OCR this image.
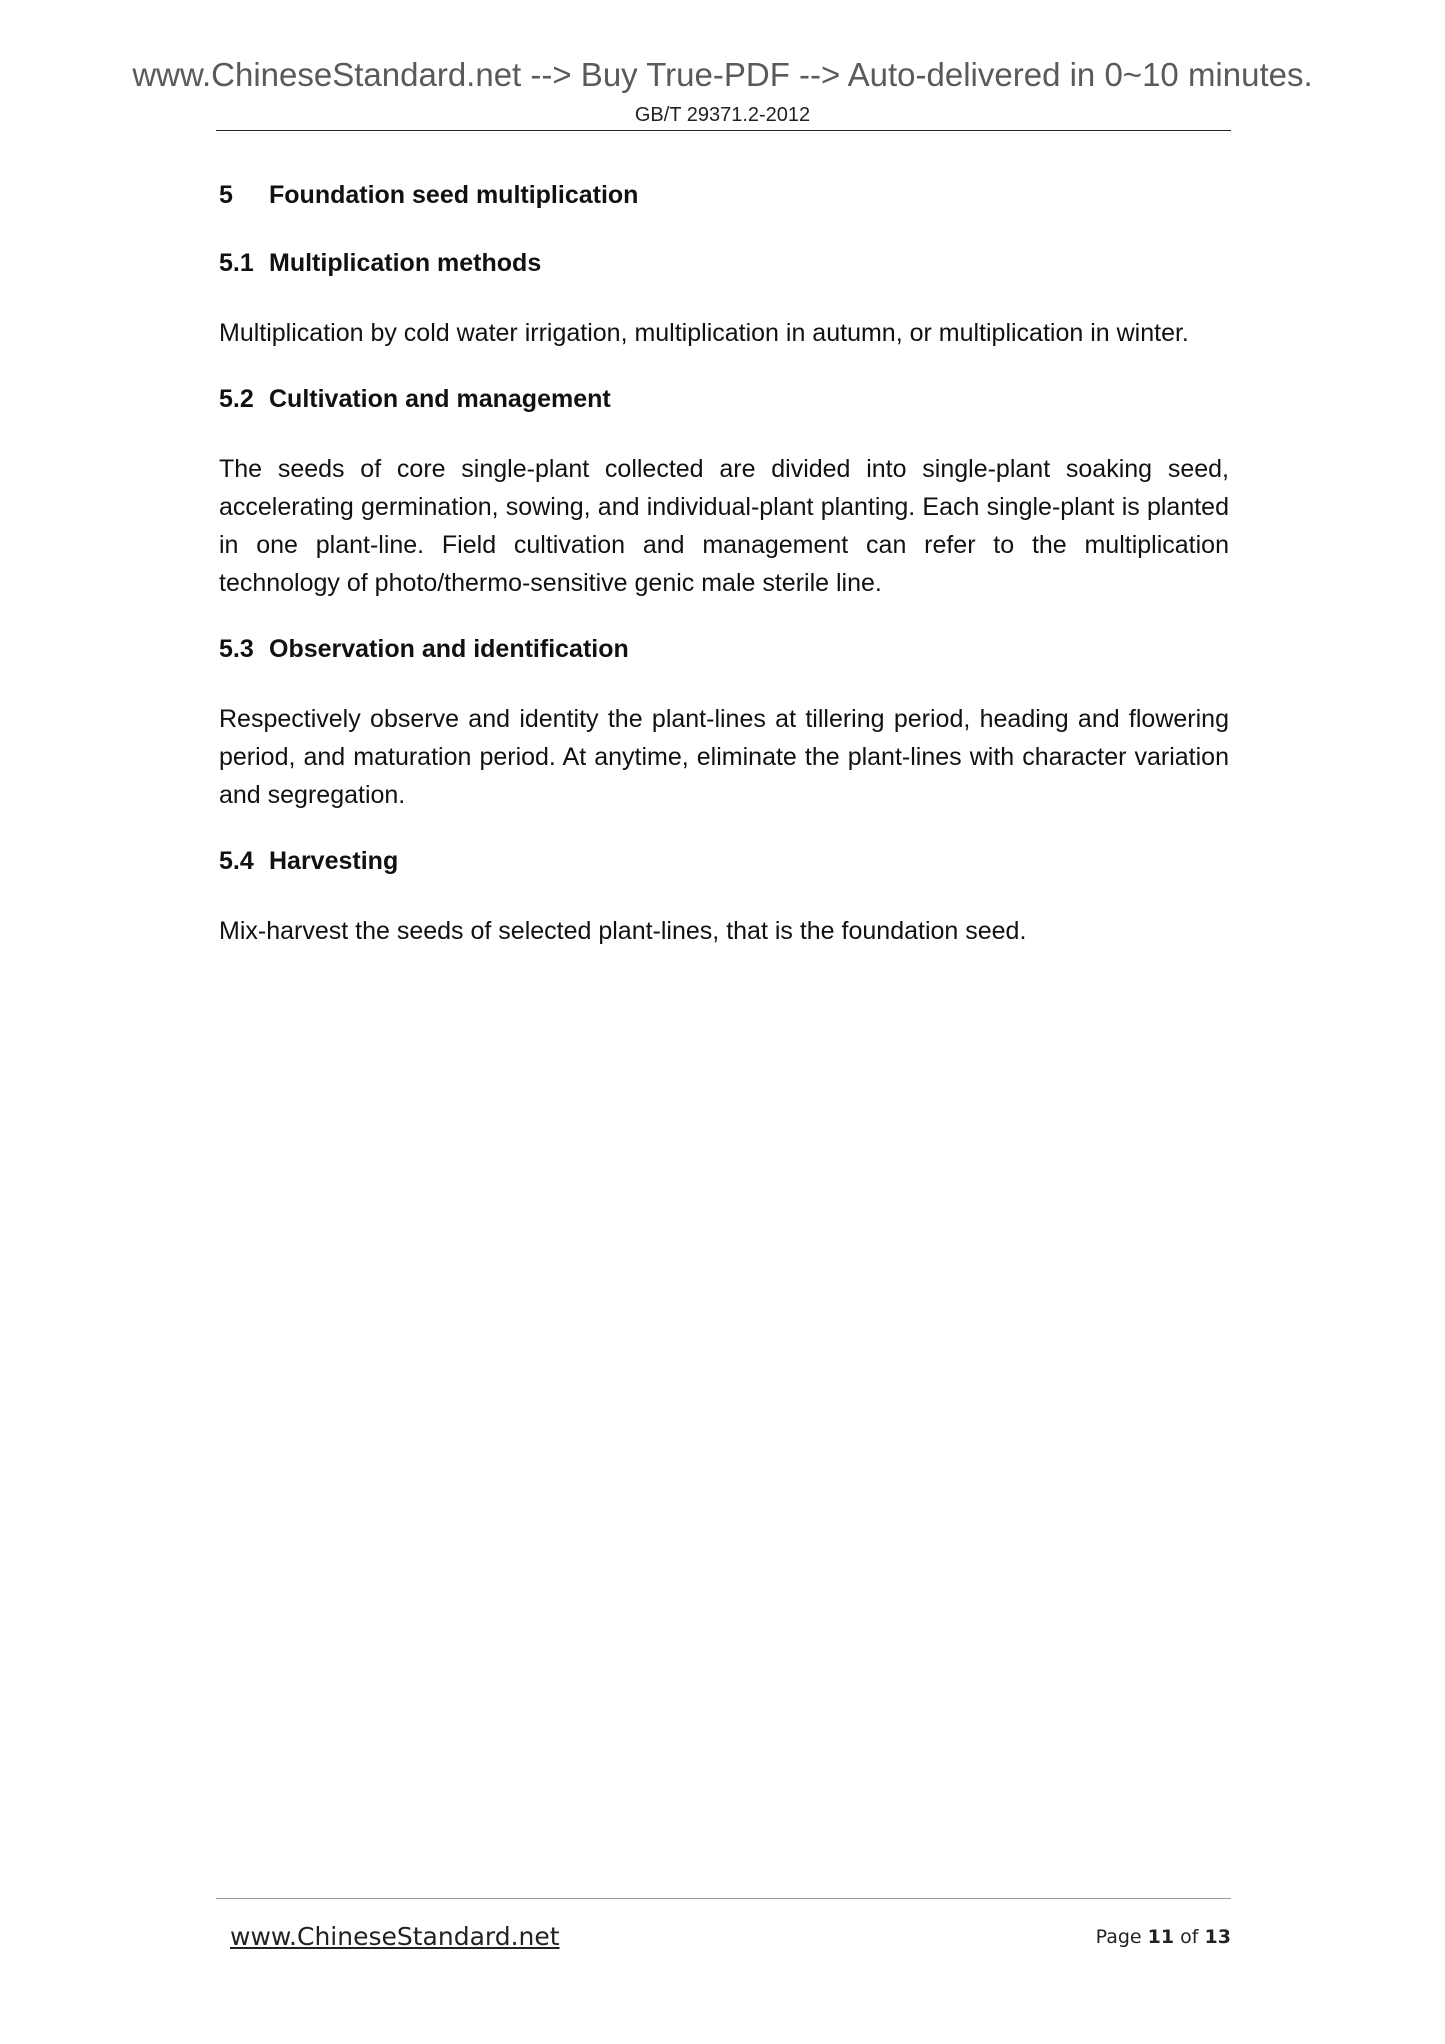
www.ChineseStandard.net --> Buy True-PDF --> Auto-delivered in 0~10 minutes.
GB/T 29371.2-2012
5 Foundation seed multiplication
5.1 Multiplication methods

Multiplication by cold water irrigation, multiplication in autumn, or multiplication in winter.

5.2 Cultivation and management

The seeds of core single-plant collected are divided into single-plant soaking seed, accelerating germination, sowing, and individual-plant planting. Each single-plant is planted in one plant-line. Field cultivation and management can refer to the multiplication technology of photo/thermo-sensitive genic male sterile line.

5.3 Observation and identification

Respectively observe and identity the plant-lines at tillering period, heading and flowering period, and maturation period. At anytime, eliminate the plant-lines with character variation and segregation.

5.4 Harvesting

Mix-harvest the seeds of selected plant-lines, that is the foundation seed.

www.ChineseStandard.net	Page 11 of 13
